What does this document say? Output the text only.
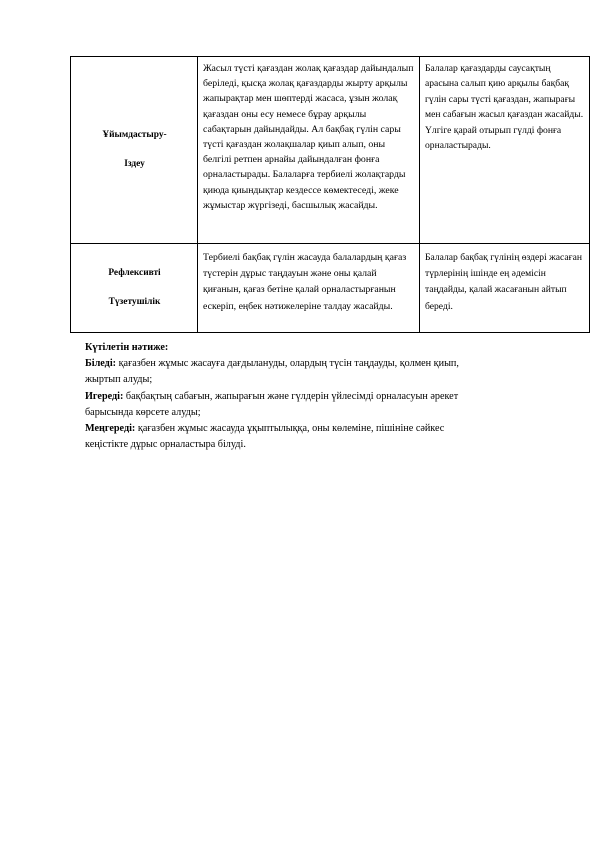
Ұйымдастыру-
Іздеу	Жасыл түсті қағаздан жолақ қағаздар дайындалып беріледі, қысқа жолақ қағаздарды жырту арқылы жапырақтар мен шөптерді жасаса, ұзын жолақ қағаздан оны есу немесе бұрау арқылы сабақтарын дайындайды. Ал бақбақ гүлін сары түсті қағаздан жолақшалар қиып алып, оны белгілі ретпен арнайы дайындалған фонға орналастырады. Балаларға тербиелі жолақтарды қиюда қиындықтар кездессе көмектеседі, жеке жұмыстар жүргізеді, басшылық жасайды.	Балалар қағаздарды саусақтың арасына салып қию арқылы бақбақ гүлін сары түсті қағаздан, жапырағы мен сабағын жасыл қағаздан жасайды. Үлгіге қарай отырып гүлді фонға орналастырады.
Рефлексивті
Түзетушілік	Тербиелі бақбақ гүлін жасауда балалардың қағаз түстерін дұрыс таңдауын және оны қалай қиғанын, қағаз бетіне қалай орналастырғанын ескеріп, еңбек нәтижелеріне талдау жасайды.	Балалар бақбақ гүлінің өздері жасаған түрлерінің ішінде ең әдемісін таңдайды, қалай жасағанын айтып береді.

Күтілетін нәтиже:

Біледі: қағазбен жұмыс жасауға дағдылануды, олардың түсін таңдауды, қолмен қиып,

жыртып алуды;

Игереді: бақбақтың сабағын, жапырағын және гүлдерін үйлесімді орналасуын әрекет

барысында көрсете алуды;

Меңгереді: қағазбен жұмыс жасауда ұқыптылыққа, оны көлеміне, пішініне сәйкес

кеңістікте дұрыс орналастыра білуді.
